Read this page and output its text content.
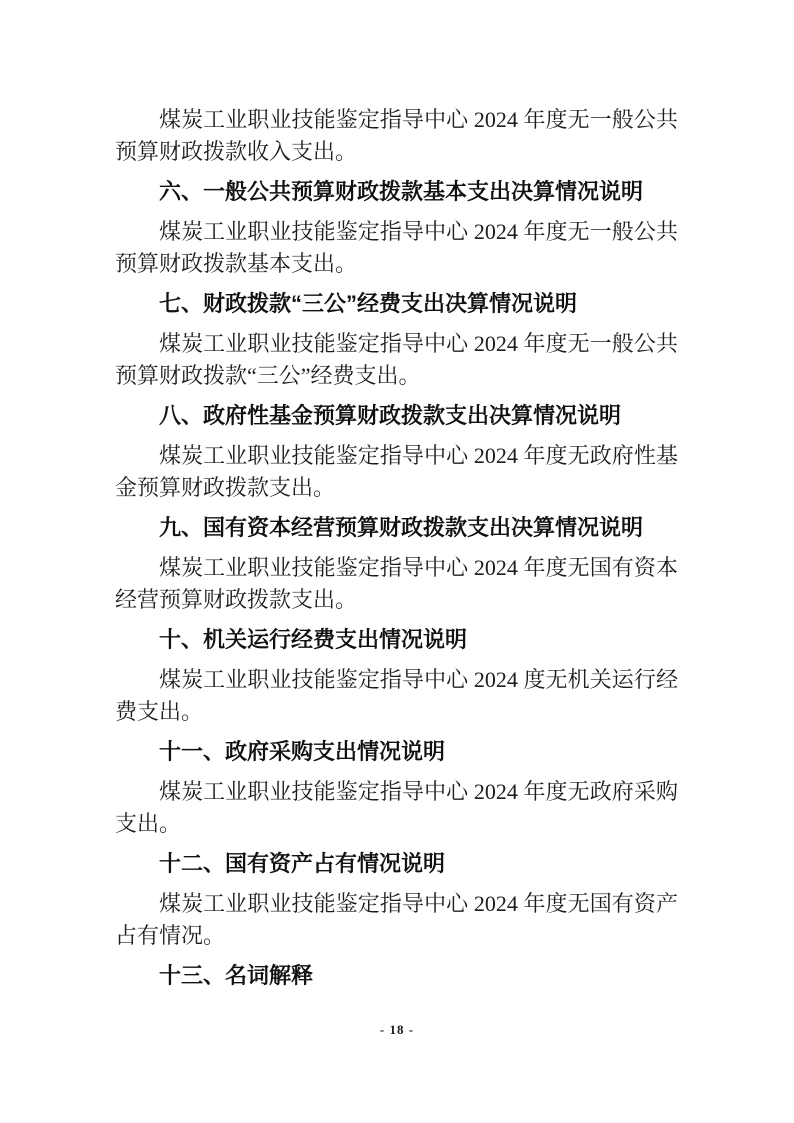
煤炭工业职业技能鉴定指导中心 2024 年度无一般公共预算财政拨款收入支出。

六、一般公共预算财政拨款基本支出决算情况说明

煤炭工业职业技能鉴定指导中心 2024 年度无一般公共预算财政拨款基本支出。

七、财政拨款“三公”经费支出决算情况说明

煤炭工业职业技能鉴定指导中心 2024 年度无一般公共预算财政拨款“三公”经费支出。

八、政府性基金预算财政拨款支出决算情况说明

煤炭工业职业技能鉴定指导中心 2024 年度无政府性基金预算财政拨款支出。

九、国有资本经营预算财政拨款支出决算情况说明

煤炭工业职业技能鉴定指导中心 2024 年度无国有资本经营预算财政拨款支出。

十、机关运行经费支出情况说明

煤炭工业职业技能鉴定指导中心 2024 度无机关运行经费支出。

十一、政府采购支出情况说明

煤炭工业职业技能鉴定指导中心 2024 年度无政府采购支出。

十二、国有资产占有情况说明

煤炭工业职业技能鉴定指导中心 2024 年度无国有资产占有情况。

十三、名词解释
- 18 -
